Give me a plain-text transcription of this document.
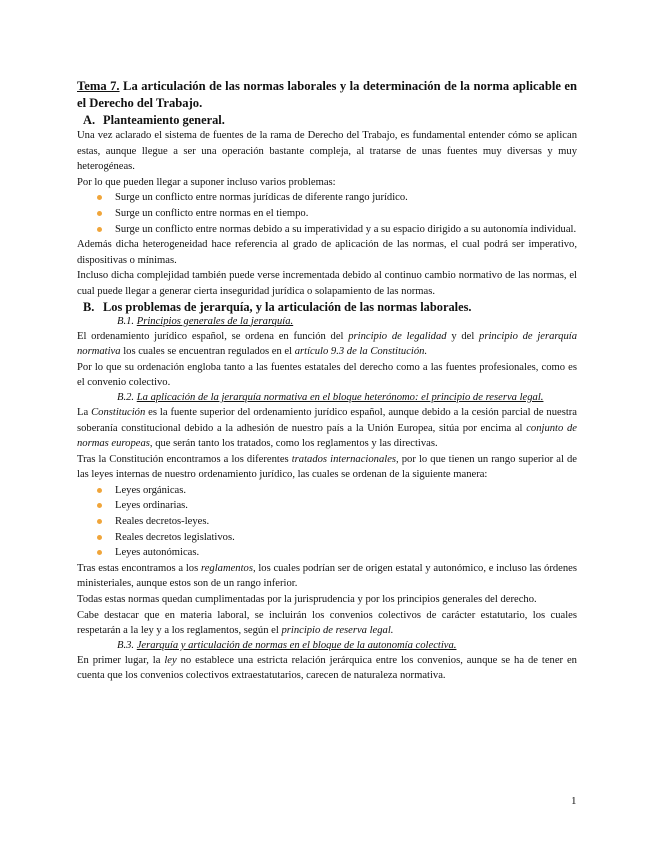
Tema 7. La articulación de las normas laborales y la determinación de la norma aplicable en el Derecho del Trabajo.
A. Planteamiento general.

Una vez aclarado el sistema de fuentes de la rama de Derecho del Trabajo, es fundamental entender cómo se aplican estas, aunque llegue a ser una operación bastante compleja, al tratarse de unas fuentes muy diversas y muy heterogéneas.

Por lo que pueden llegar a suponer incluso varios problemas:

Surge un conflicto entre normas jurídicas de diferente rango jurídico.
Surge un conflicto entre normas en el tiempo.
Surge un conflicto entre normas debido a su imperatividad y a su espacio dirigido a su autonomía individual.

Además dicha heterogeneidad hace referencia al grado de aplicación de las normas, el cual podrá ser imperativo, dispositivas o mínimas.

Incluso dicha complejidad también puede verse incrementada debido al continuo cambio normativo de las normas, el cual puede llegar a generar cierta inseguridad jurídica o solapamiento de las normas.

B. Los problemas de jerarquía, y la articulación de las normas laborales.
B.1. Principios generales de la jerarquía.

El ordenamiento jurídico español, se ordena en función del principio de legalidad y del principio de jerarquía normativa los cuales se encuentran regulados en el artículo 9.3 de la Constitución.

Por lo que su ordenación engloba tanto a las fuentes estatales del derecho como a las fuentes profesionales, como es el convenio colectivo.

B.2. La aplicación de la jerarquía normativa en el bloque heterónomo: el principio de reserva legal.

La Constitución es la fuente superior del ordenamiento jurídico español, aunque debido a la cesión parcial de nuestra soberanía constitucional debido a la adhesión de nuestro país a la Unión Europea, sitúa por encima al conjunto de normas europeas, que serán tanto los tratados, como los reglamentos y las directivas.

Tras la Constitución encontramos a los diferentes tratados internacionales, por lo que tienen un rango superior al de las leyes internas de nuestro ordenamiento jurídico, las cuales se ordenan de la siguiente manera:

Leyes orgánicas.
Leyes ordinarias.
Reales decretos-leyes.
Reales decretos legislativos.
Leyes autonómicas.

Tras estas encontramos a los reglamentos, los cuales podrían ser de origen estatal y autonómico, e incluso las órdenes ministeriales, aunque estos son de un rango inferior.

Todas estas normas quedan cumplimentadas por la jurisprudencia y por los principios generales del derecho.

Cabe destacar que en materia laboral, se incluirán los convenios colectivos de carácter estatutario, los cuales respetarán a la ley y a los reglamentos, según el principio de reserva legal.

B.3. Jerarquía y articulación de normas en el bloque de la autonomía colectiva.

En primer lugar, la ley no establece una estricta relación jerárquica entre los convenios, aunque se ha de tener en cuenta que los convenios colectivos extraestatutarios, carecen de naturaleza normativa.

1
